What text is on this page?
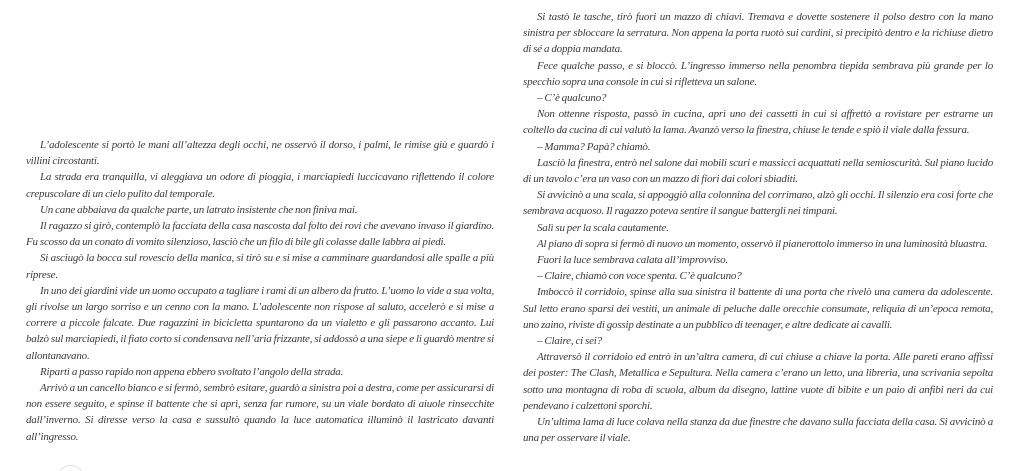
L’adolescente si portò le mani all’altezza degli occhi, ne osservò il dorso, i palmi, le rimise giù e guardò i villini circostanti.

La strada era tranquilla, vi aleggiava un odore di pioggia, i marciapiedi luccicavano riflettendo il colore crepuscolare di un cielo pulito dal temporale.

Un cane abbaiava da qualche parte, un latrato insistente che non finiva mai.

Il ragazzo si girò, contemplò la facciata della casa nascosta dal folto dei rovi che avevano invaso il giardino. Fu scosso da un conato di vomito silenzioso, lasciò che un filo di bile gli colasse dalle labbra ai piedi.

Si asciugò la bocca sul rovescio della manica, si tirò su e si mise a camminare guardandosi alle spalle a più riprese.

In uno dei giardini vide un uomo occupato a tagliare i rami di un albero da frutto. L’uomo lo vide a sua volta, gli rivolse un largo sorriso e un cenno con la mano. L’adolescente non rispose al saluto, accelerò e si mise a correre a piccole falcate. Due ragazzini in bicicletta spuntarono da un vialetto e gli passarono accanto. Lui balzò sul marciapiedi, il fiato corto si condensava nell’aria frizzante, si addossò a una siepe e li guardò mentre si allontanavano.

Ripartì a passo rapido non appena ebbero svoltato l’angolo della strada.

Arrivò a un cancello bianco e si fermò, sembrò esitare, guardò a sinistra poi a destra, come per assicurarsi di non essere seguito, e spinse il battente che si aprì, senza far rumore, su un viale bordato di aiuole rinsecchite dall’inverno. Si diresse verso la casa e sussultò quando la luce automatica illuminò il lastricato davanti all’ingresso.

Si tastò le tasche, tirò fuori un mazzo di chiavi. Tremava e dovette sostenere il polso destro con la mano sinistra per sbloccare la serratura. Non appena la porta ruotò sui cardini, si precipitò dentro e la richiuse dietro di sé a doppia mandata.

Fece qualche passo, e si bloccò. L’ingresso immerso nella penombra tiepida sembrava più grande per lo specchio sopra una console in cui si rifletteva un salone.

– C’è qualcuno?

Non ottenne risposta, passò in cucina, aprì uno dei cassetti in cui si affrettò a rovistare per estrarne un coltello da cucina di cui valutò la lama. Avanzò verso la finestra, chiuse le tende e spiò il viale dalla fessura.

– Mamma? Papà? chiamò.

Lasciò la finestra, entrò nel salone dai mobili scuri e massicci acquattati nella semioscurità. Sul piano lucido di un tavolo c’era un vaso con un mazzo di fiori dai colori sbiaditi.

Si avvicinò a una scala, si appoggiò alla colonnina del corrimano, alzò gli occhi. Il silenzio era così forte che sembrava acquoso. Il ragazzo poteva sentire il sangue battergli nei timpani.

Salì su per la scala cautamente.

Al piano di sopra si fermò di nuovo un momento, osservò il pianerottolo immerso in una luminosità bluastra.

Fuori la luce sembrava calata all’improvviso.

– Claire, chiamò con voce spenta. C’è qualcuno?

Imboccò il corridoio, spinse alla sua sinistra il battente di una porta che rivelò una camera da adolescente. Sul letto erano sparsi dei vestiti, un animale di peluche dalle orecchie consumate, reliquia di un’epoca remota, uno zaino, riviste di gossip destinate a un pubblico di teenager, e altre dedicate ai cavalli.

– Claire, ci sei?

Attraversò il corridoio ed entrò in un’altra camera, di cui chiuse a chiave la porta. Alle pareti erano affissi dei poster: The Clash, Metallica e Sepultura. Nella camera c’erano un letto, una libreria, una scrivania sepolta sotto una montagna di roba di scuola, album da disegno, lattine vuote di bibite e un paio di anfibi neri da cui pendevano i calzettoni sporchi.

Un’ultima lama di luce colava nella stanza da due finestre che davano sulla facciata della casa. Si avvicinò a una per osservare il viale.
